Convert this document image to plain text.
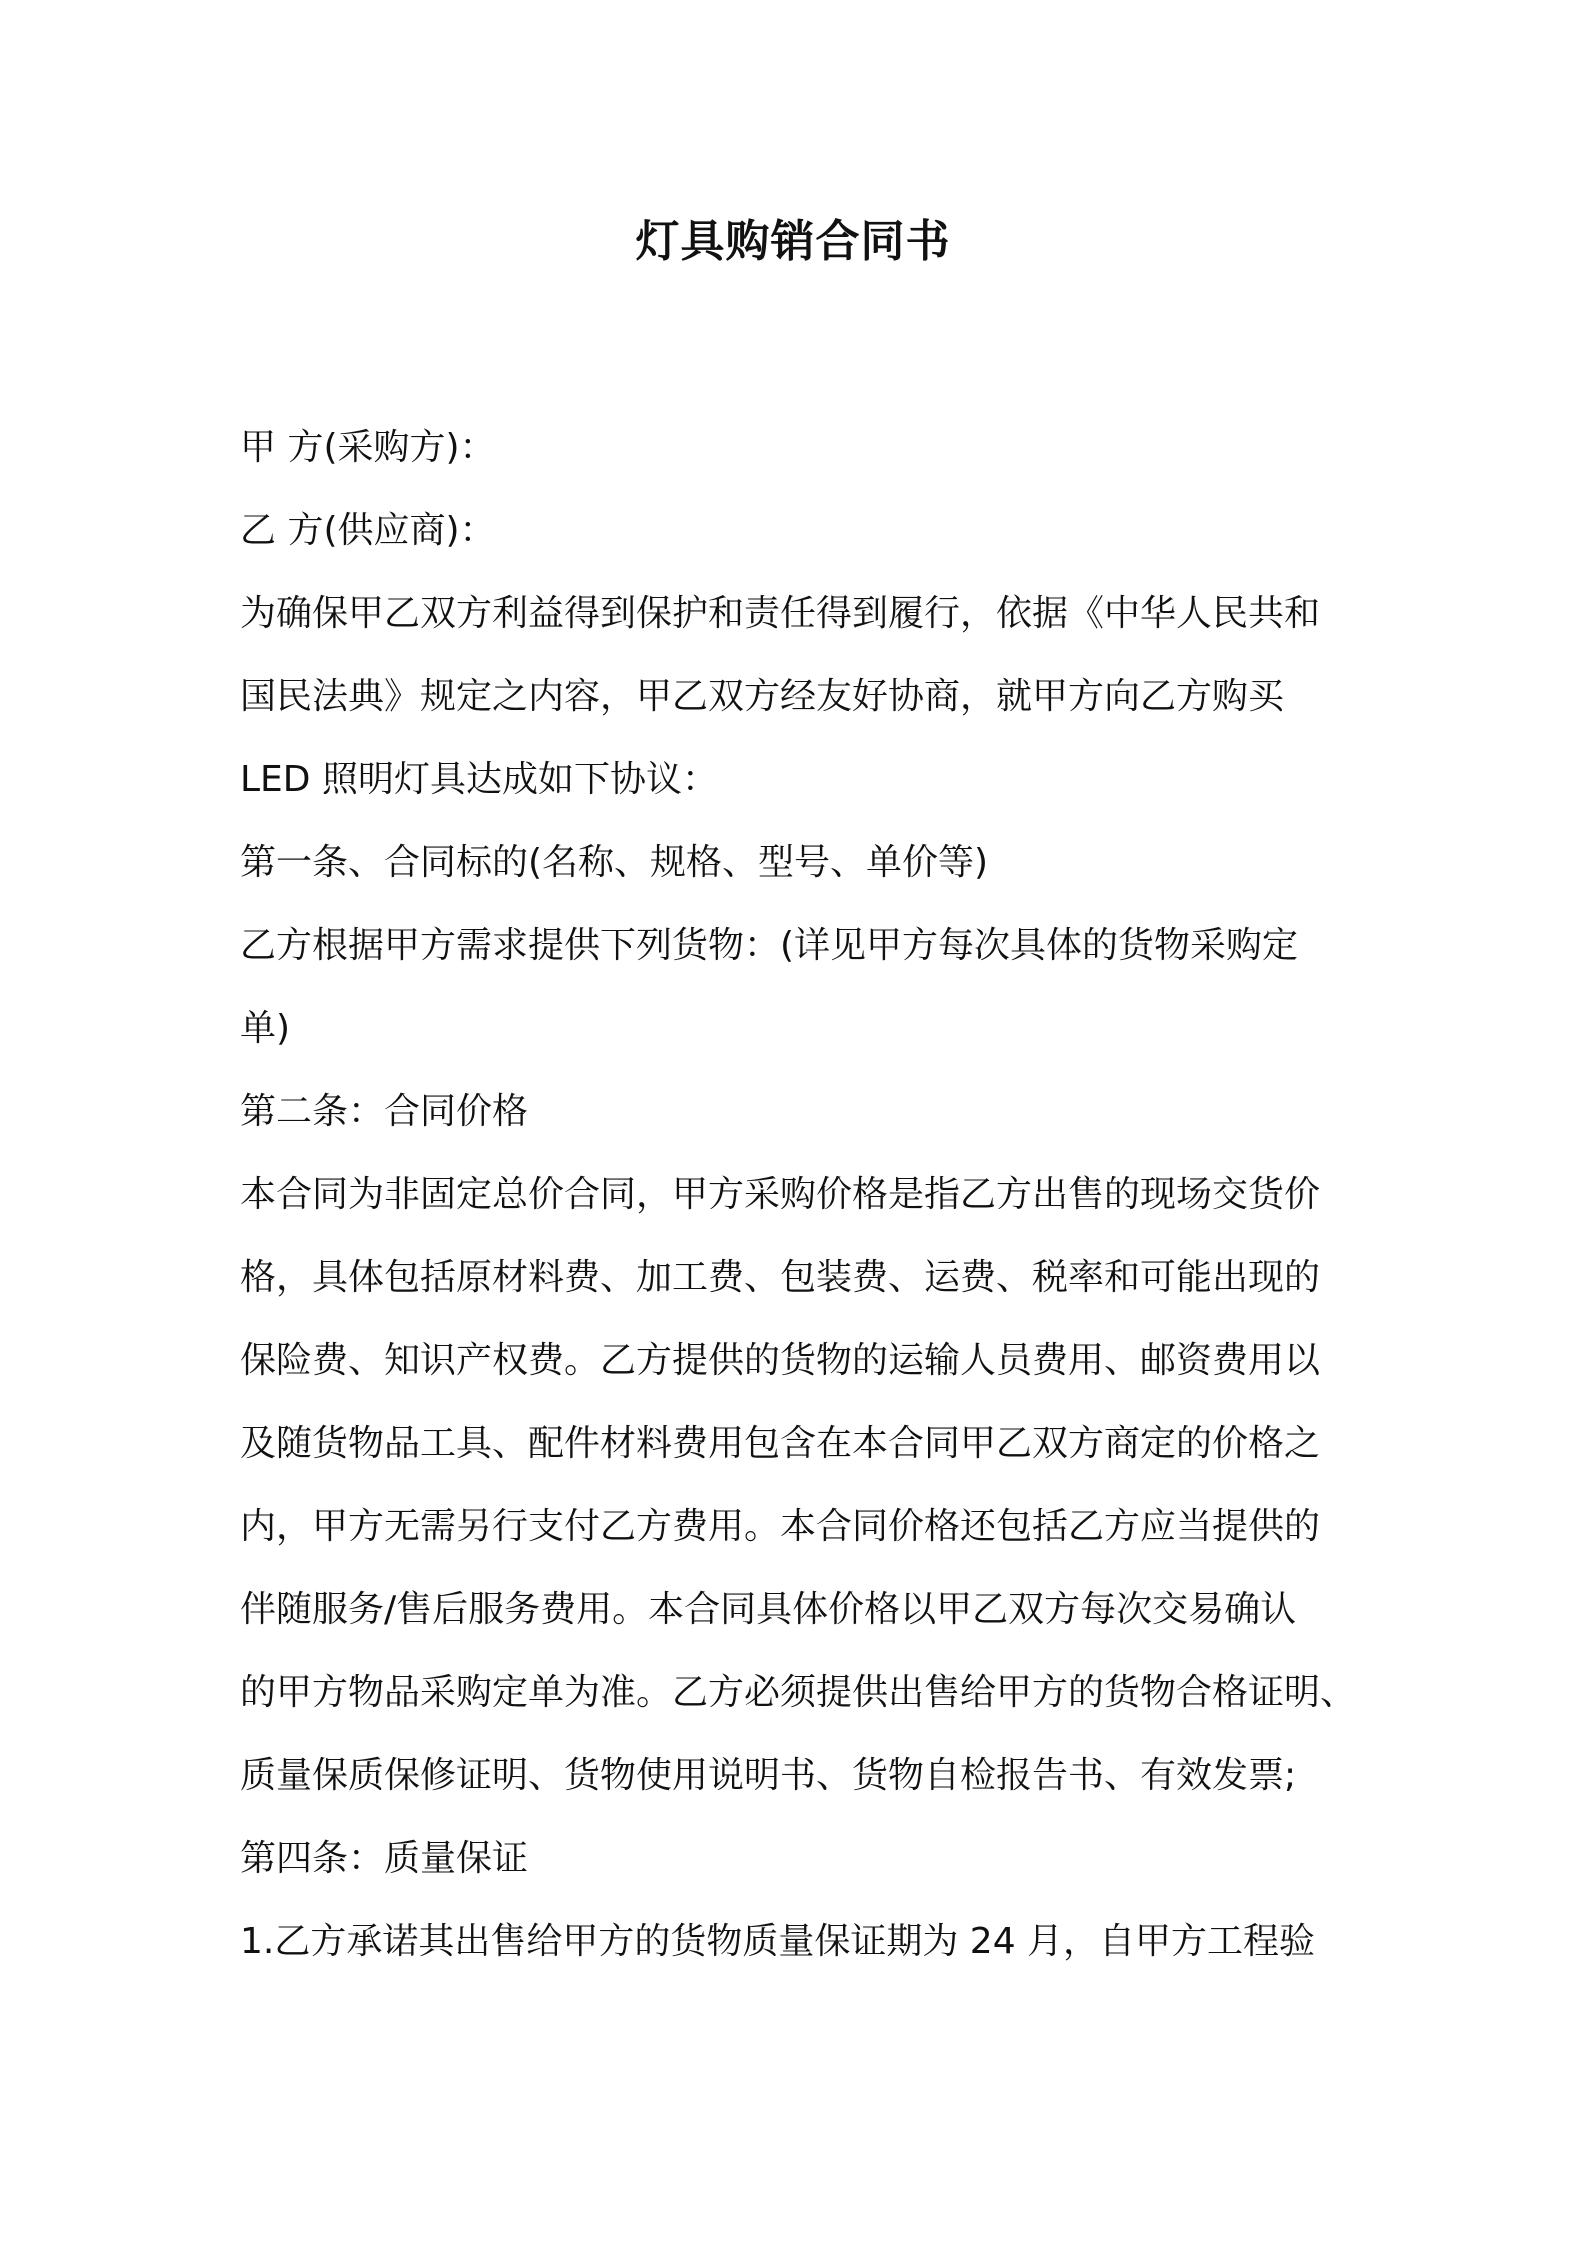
灯具购销合同书
甲 方(采购方)：
乙 方(供应商)：
为确保甲乙双方利益得到保护和责任得到履行，依据《中华人民共和
国民法典》规定之内容，甲乙双方经友好协商，就甲方向乙方购买
LED 照明灯具达成如下协议：
第一条、合同标的(名称、规格、型号、单价等)
乙方根据甲方需求提供下列货物：(详见甲方每次具体的货物采购定
单)
第二条：合同价格
本合同为非固定总价合同，甲方采购价格是指乙方出售的现场交货价
格，具体包括原材料费、加工费、包装费、运费、税率和可能出现的
保险费、知识产权费。乙方提供的货物的运输人员费用、邮资费用以
及随货物品工具、配件材料费用包含在本合同甲乙双方商定的价格之
内，甲方无需另行支付乙方费用。本合同价格还包括乙方应当提供的
伴随服务/售后服务费用。本合同具体价格以甲乙双方每次交易确认
的甲方物品采购定单为准。乙方必须提供出售给甲方的货物合格证明、
质量保质保修证明、货物使用说明书、货物自检报告书、有效发票;
第四条：质量保证
1.乙方承诺其出售给甲方的货物质量保证期为 24 月，自甲方工程验
